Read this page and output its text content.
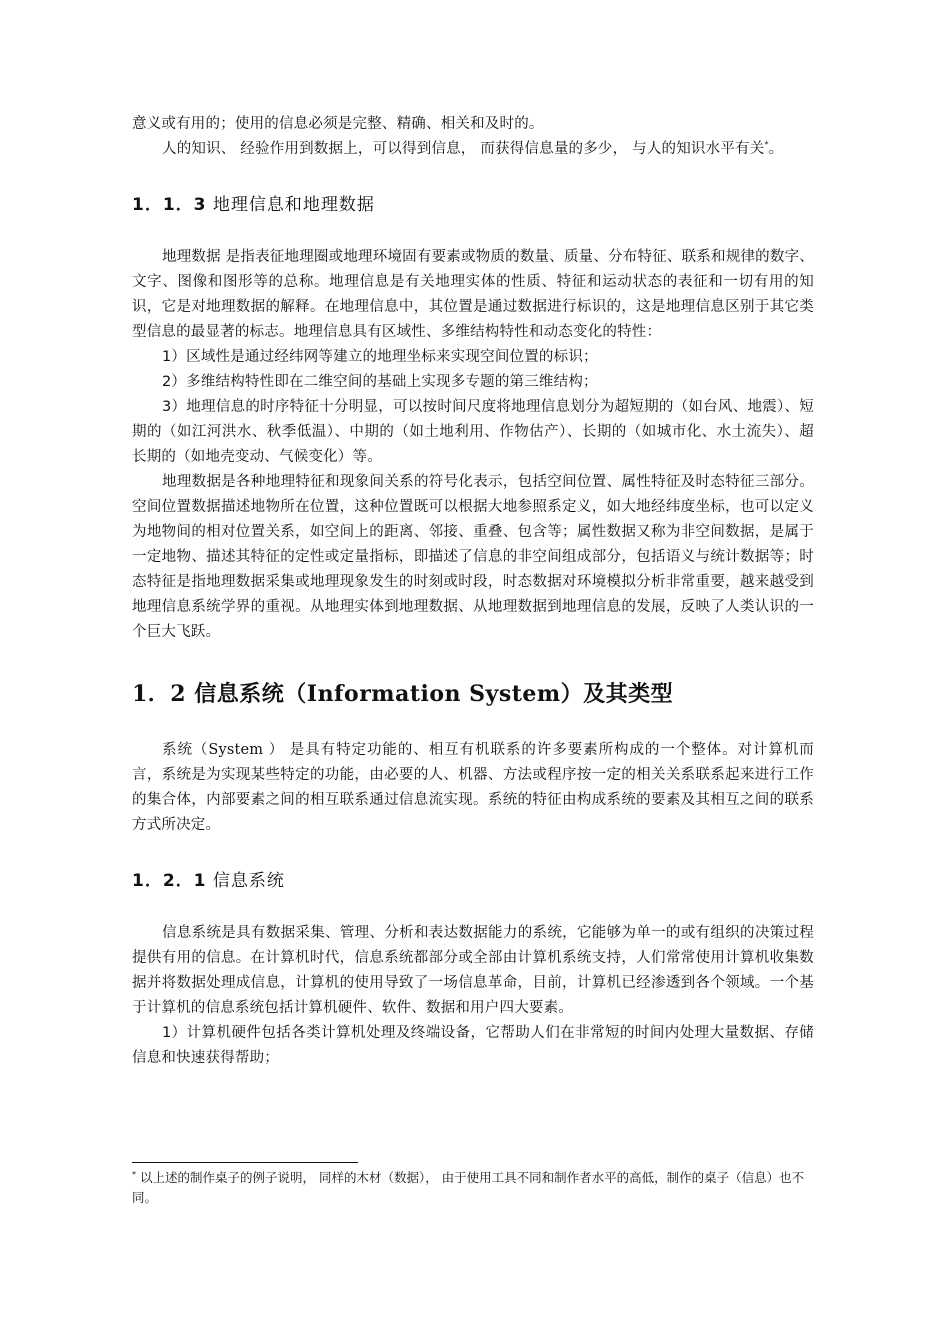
意义或有用的；使用的信息必须是完整、精确、相关和及时的。

人的知识、 经验作用到数据上，可以得到信息， 而获得信息量的多少， 与人的知识水平有关*。

1．1．3 地理信息和地理数据

地理数据 是指表征地理圈或地理环境固有要素或物质的数量、质量、分布特征、联系和规律的数字、文字、图像和图形等的总称。地理信息是有关地理实体的性质、特征和运动状态的表征和一切有用的知识，它是对地理数据的解释。在地理信息中，其位置是通过数据进行标识的，这是地理信息区别于其它类型信息的最显著的标志。地理信息具有区域性、多维结构特性和动态变化的特性：

1）区域性是通过经纬网等建立的地理坐标来实现空间位置的标识；

2）多维结构特性即在二维空间的基础上实现多专题的第三维结构；

3）地理信息的时序特征十分明显，可以按时间尺度将地理信息划分为超短期的（如台风、地震）、短期的（如江河洪水、秋季低温）、中期的（如土地利用、作物估产）、长期的（如城市化、水土流失）、超长期的（如地壳变动、气候变化）等。

地理数据是各种地理特征和现象间关系的符号化表示，包括空间位置、属性特征及时态特征三部分。空间位置数据描述地物所在位置，这种位置既可以根据大地参照系定义，如大地经纬度坐标，也可以定义为地物间的相对位置关系，如空间上的距离、邻接、重叠、包含等；属性数据又称为非空间数据，是属于一定地物、描述其特征的定性或定量指标，即描述了信息的非空间组成部分，包括语义与统计数据等；时态特征是指地理数据采集或地理现象发生的时刻或时段，时态数据对环境模拟分析非常重要，越来越受到地理信息系统学界的重视。从地理实体到地理数据、从地理数据到地理信息的发展，反映了人类认识的一个巨大飞跃。

1．2 信息系统（Information System）及其类型

系统（System ） 是具有特定功能的、相互有机联系的许多要素所构成的一个整体。对计算机而言，系统是为实现某些特定的功能，由必要的人、机器、方法或程序按一定的相关关系联系起来进行工作的集合体，内部要素之间的相互联系通过信息流实现。系统的特征由构成系统的要素及其相互之间的联系方式所决定。

1．2．1 信息系统

信息系统是具有数据采集、管理、分析和表达数据能力的系统，它能够为单一的或有组织的决策过程提供有用的信息。在计算机时代，信息系统都部分或全部由计算机系统支持，人们常常使用计算机收集数据并将数据处理成信息，计算机的使用导致了一场信息革命，目前，计算机已经渗透到各个领域。一个基于计算机的信息系统包括计算机硬件、软件、数据和用户四大要素。

1）计算机硬件包括各类计算机处理及终端设备，它帮助人们在非常短的时间内处理大量数据、存储信息和快速获得帮助；

* 以上述的制作桌子的例子说明， 同样的木材（数据）， 由于使用工具不同和制作者水平的高低，制作的桌子（信息）也不同。
